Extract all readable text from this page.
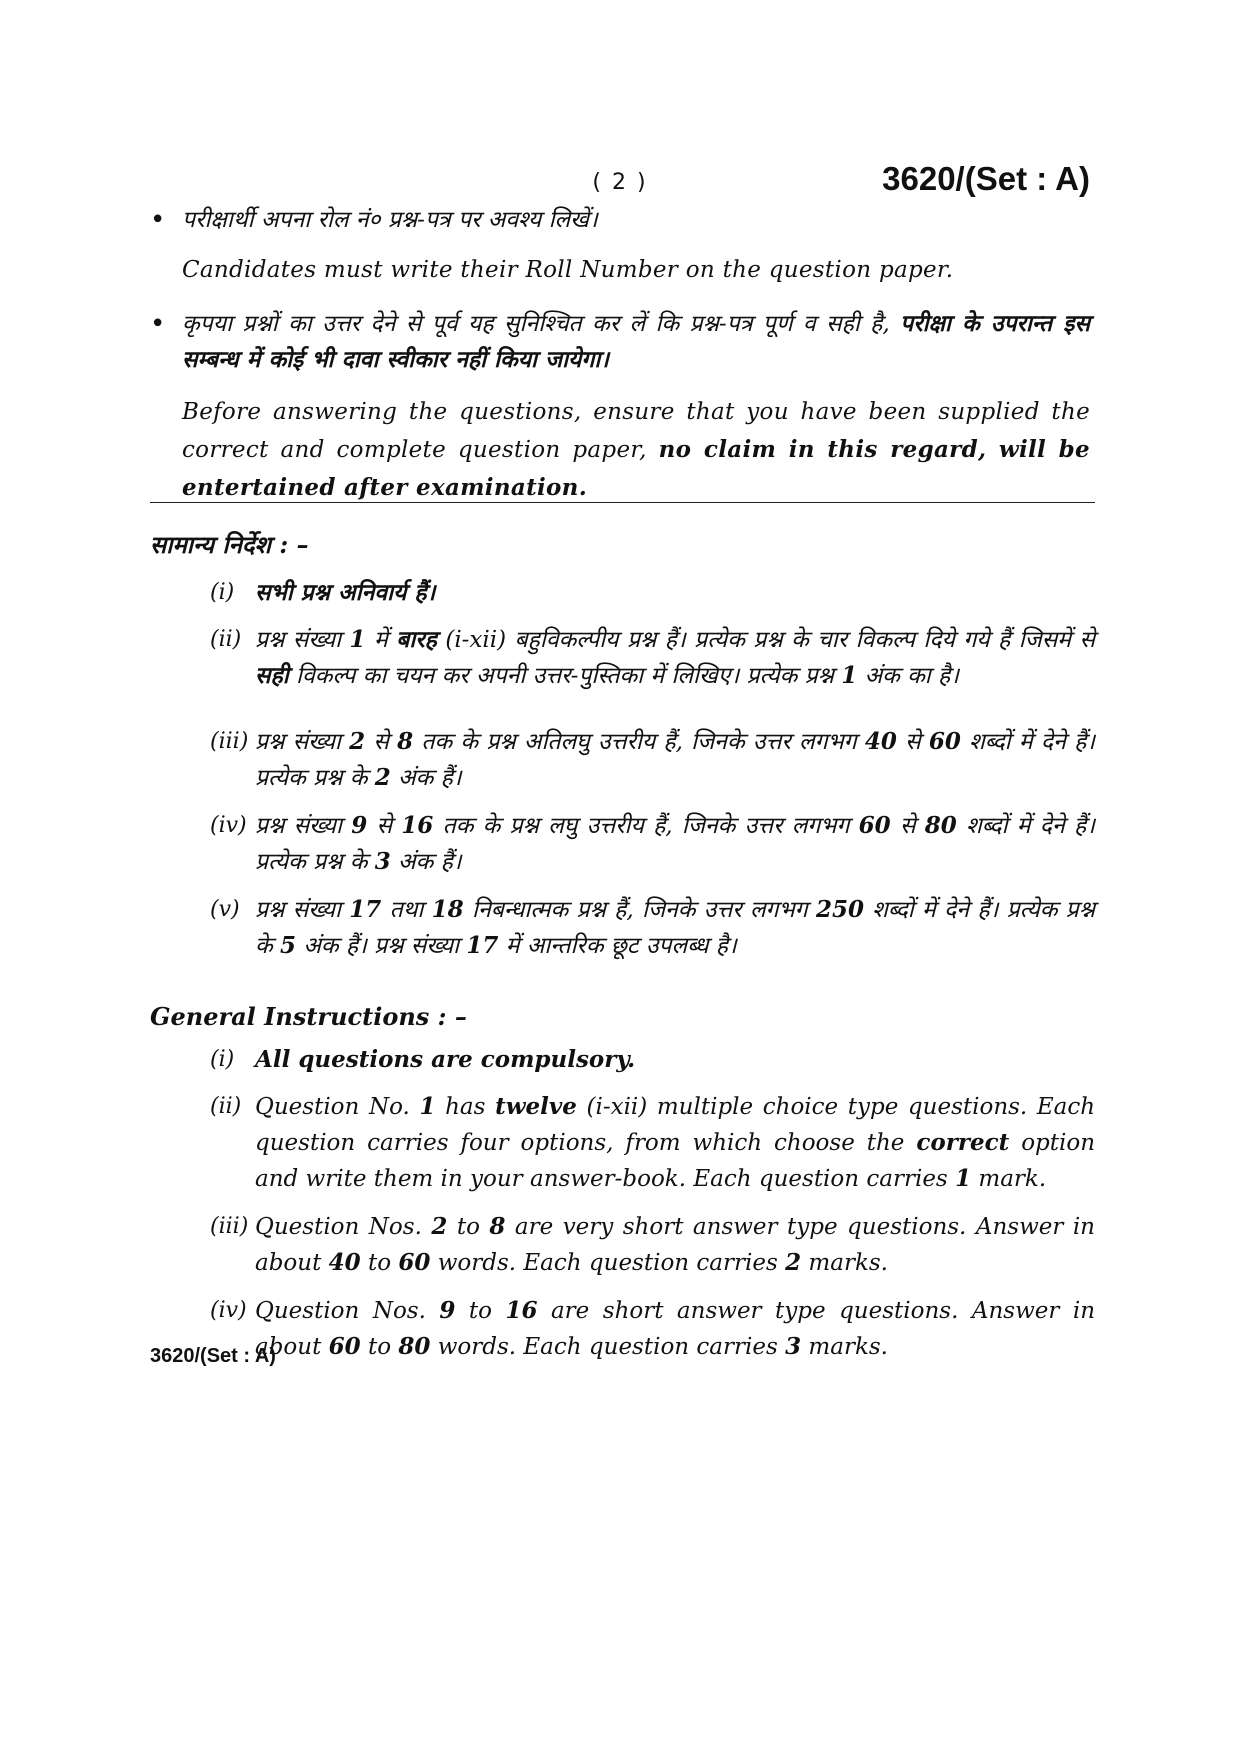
( 2 )	3620/(Set : A)
• परीक्षार्थी अपना रोल नं० प्रश्न-पत्र पर अवश्य लिखें।
Candidates must write their Roll Number on the question paper.
• कृपया प्रश्नों का उत्तर देने से पूर्व यह सुनिश्चित कर लें कि प्रश्न-पत्र पूर्ण व सही है, परीक्षा के उपरान्त इस सम्बन्ध में कोई भी दावा स्वीकार नहीं किया जायेगा।
Before answering the questions, ensure that you have been supplied the correct and complete question paper, no claim in this regard, will be entertained after examination.
सामान्य निर्देश : –
(i) सभी प्रश्न अनिवार्य हैं।
(ii) प्रश्न संख्या 1 में बारह (i-xii) बहुविकल्पीय प्रश्न हैं। प्रत्येक प्रश्न के चार विकल्प दिये गये हैं जिसमें से सही विकल्प का चयन कर अपनी उत्तर-पुस्तिका में लिखिए। प्रत्येक प्रश्न 1 अंक का है।
(iii) प्रश्न संख्या 2 से 8 तक के प्रश्न अतिलघु उत्तरीय हैं, जिनके उत्तर लगभग 40 से 60 शब्दों में देने हैं। प्रत्येक प्रश्न के 2 अंक हैं।
(iv) प्रश्न संख्या 9 से 16 तक के प्रश्न लघु उत्तरीय हैं, जिनके उत्तर लगभग 60 से 80 शब्दों में देने हैं। प्रत्येक प्रश्न के 3 अंक हैं।
(v) प्रश्न संख्या 17 तथा 18 निबन्धात्मक प्रश्न हैं, जिनके उत्तर लगभग 250 शब्दों में देने हैं। प्रत्येक प्रश्न के 5 अंक हैं। प्रश्न संख्या 17 में आन्तरिक छूट उपलब्ध है।
General Instructions : –
(i) All questions are compulsory.
(ii) Question No. 1 has twelve (i-xii) multiple choice type questions. Each question carries four options, from which choose the correct option and write them in your answer-book. Each question carries 1 mark.
(iii) Question Nos. 2 to 8 are very short answer type questions. Answer in about 40 to 60 words. Each question carries 2 marks.
(iv) Question Nos. 9 to 16 are short answer type questions. Answer in about 60 to 80 words. Each question carries 3 marks.
3620/(Set : A)
